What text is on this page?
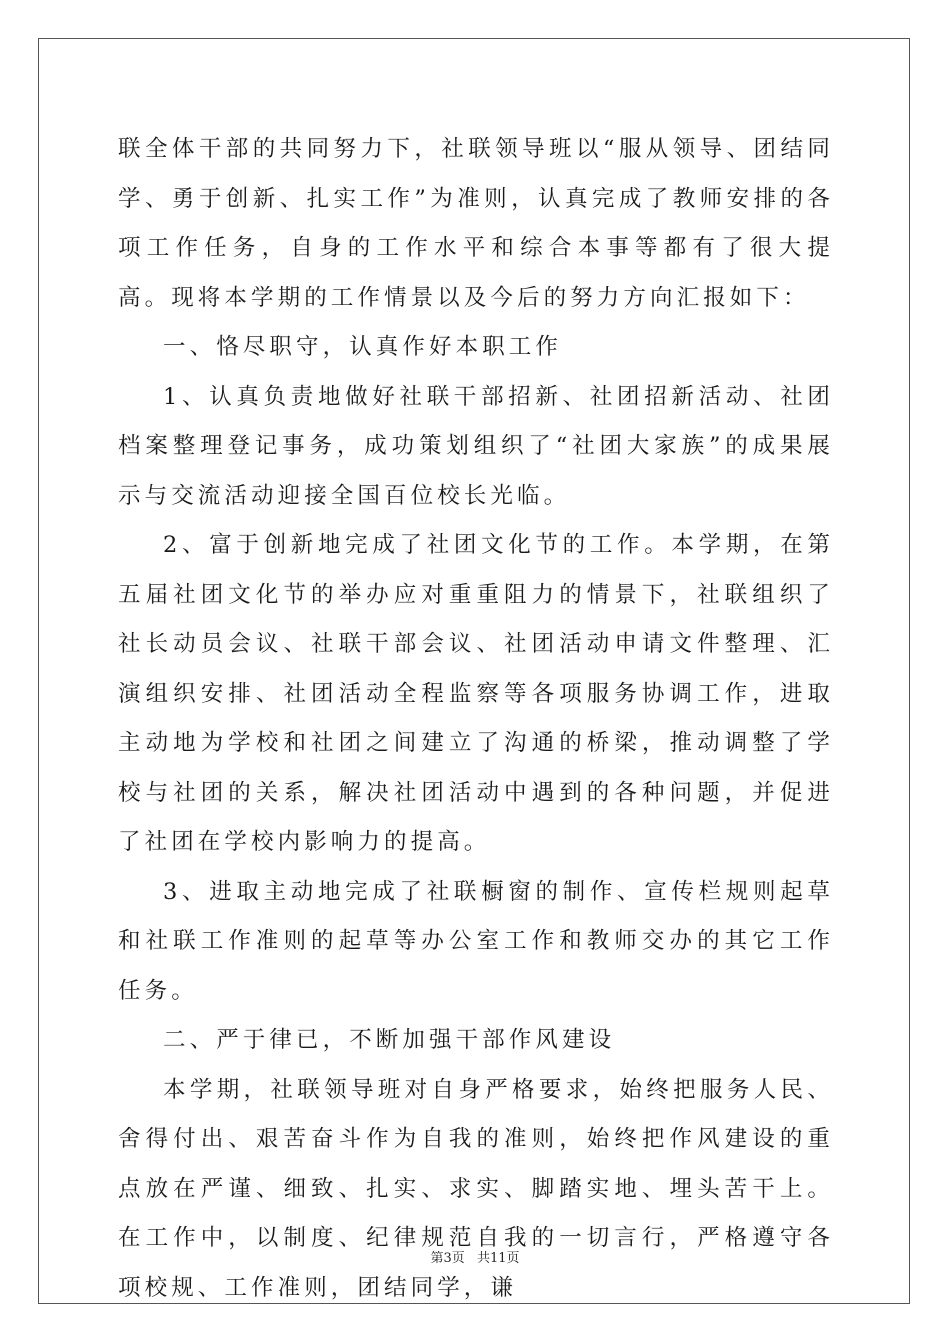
联全体干部的共同努力下，社联领导班以“服从领导、团结同学、勇于创新、扎实工作”为准则，认真完成了教师安排的各项工作任务，自身的工作水平和综合本事等都有了很大提高。现将本学期的工作情景以及今后的努力方向汇报如下：

一、恪尽职守，认真作好本职工作

1、认真负责地做好社联干部招新、社团招新活动、社团档案整理登记事务，成功策划组织了“社团大家族”的成果展示与交流活动迎接全国百位校长光临。

2、富于创新地完成了社团文化节的工作。本学期，在第五届社团文化节的举办应对重重阻力的情景下，社联组织了社长动员会议、社联干部会议、社团活动申请文件整理、汇演组织安排、社团活动全程监察等各项服务协调工作，进取主动地为学校和社团之间建立了沟通的桥梁，推动调整了学校与社团的关系，解决社团活动中遇到的各种问题，并促进了社团在学校内影响力的提高。

3、进取主动地完成了社联橱窗的制作、宣传栏规则起草和社联工作准则的起草等办公室工作和教师交办的其它工作任务。

二、严于律已，不断加强干部作风建设

本学期，社联领导班对自身严格要求，始终把服务人民、舍得付出、艰苦奋斗作为自我的准则，始终把作风建设的重点放在严谨、细致、扎实、求实、脚踏实地、埋头苦干上。在工作中，以制度、纪律规范自我的一切言行，严格遵守各项校规、工作准则，团结同学，谦

第3页 共11页
